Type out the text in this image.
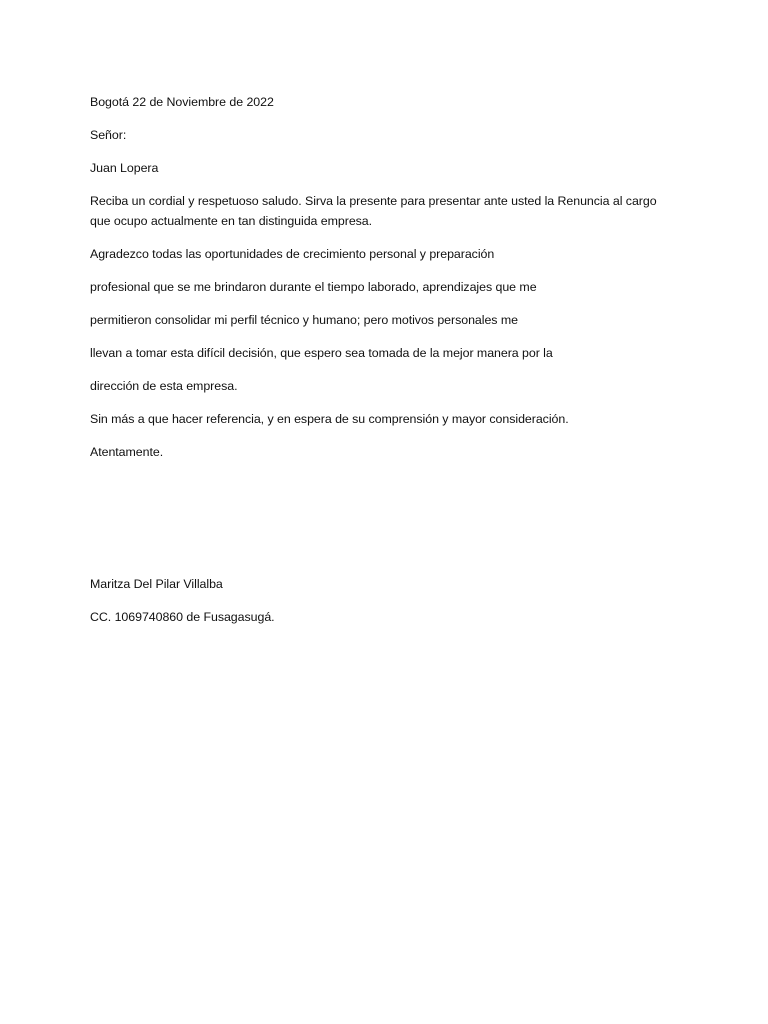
Bogotá 22 de Noviembre de 2022

Señor:

Juan Lopera

Reciba un cordial y respetuoso saludo. Sirva la presente para presentar ante usted la Renuncia al cargo

que ocupo actualmente en tan distinguida empresa.

Agradezco todas las oportunidades de crecimiento personal y preparación

profesional que se me brindaron durante el tiempo laborado, aprendizajes que me

permitieron consolidar mi perfil técnico y humano; pero motivos personales me

llevan a tomar esta difícil decisión, que espero sea tomada de la mejor manera por la

dirección de esta empresa.

Sin más a que hacer referencia, y en espera de su comprensión y mayor consideración.

Atentamente.

Maritza Del Pilar Villalba

CC. 1069740860 de Fusagasugá.
